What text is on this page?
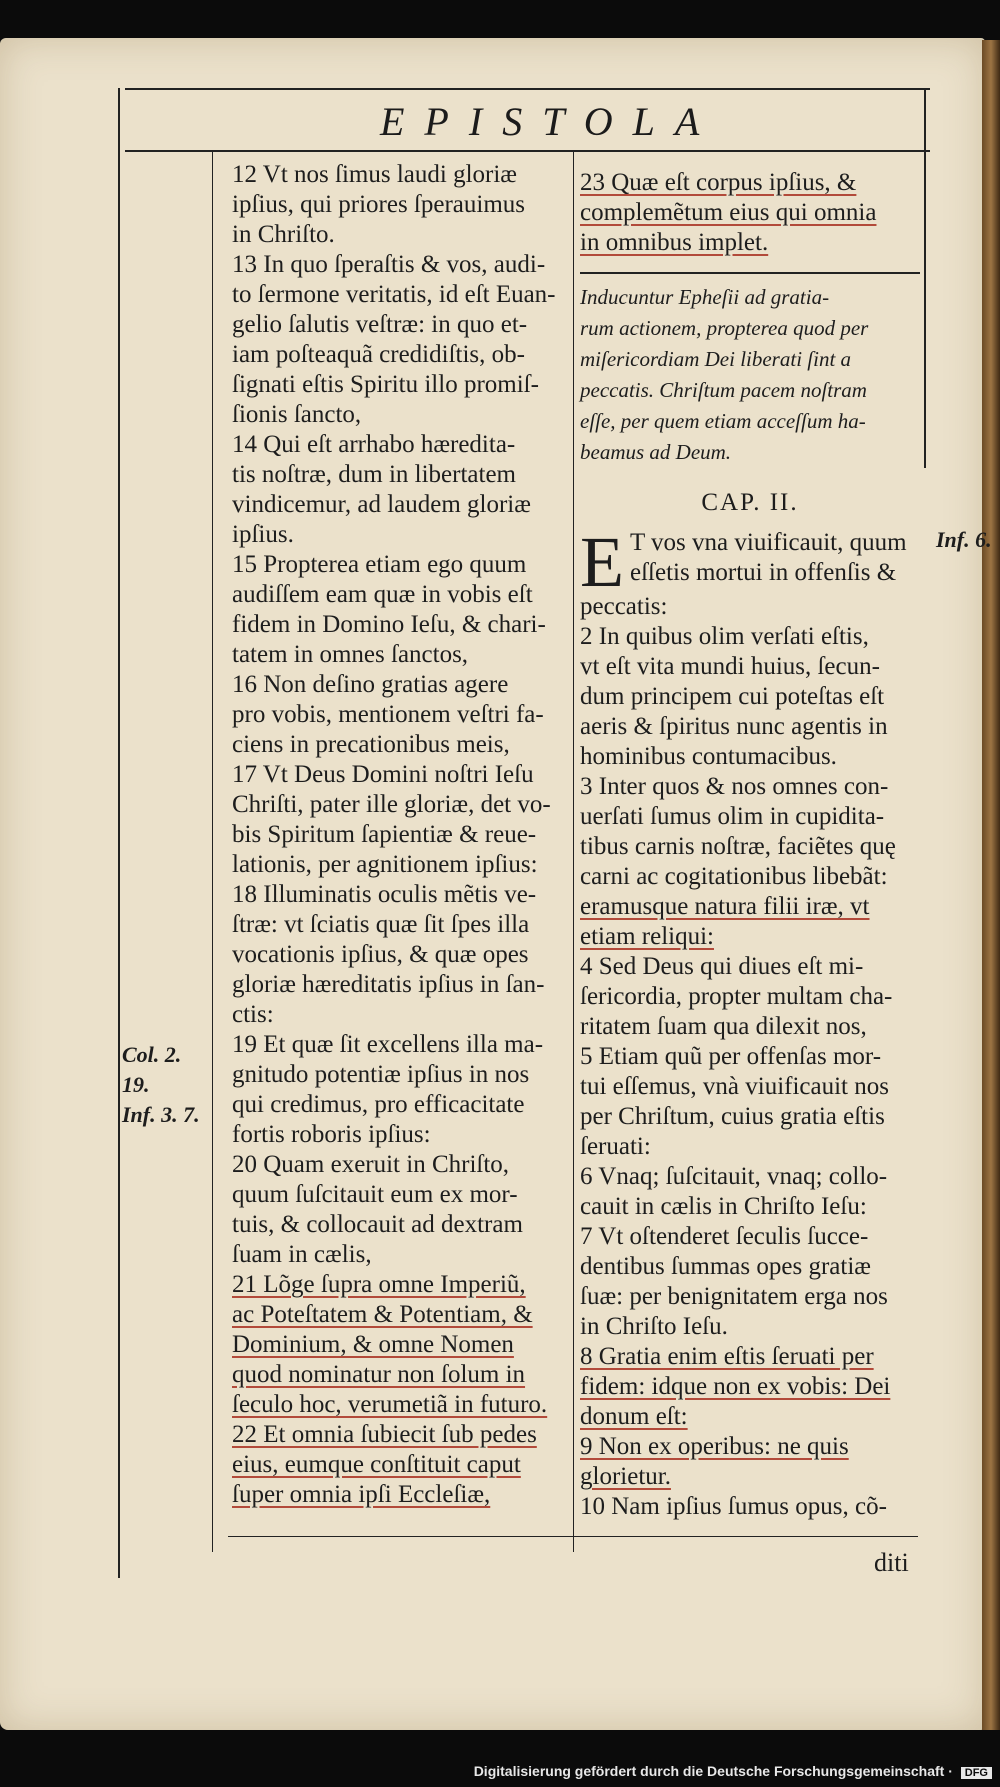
EPISTOLA
Col. 2.
19.
Inf. 3. 7.
Inf. 6.

12 Vt nos ſimus laudi gloriæ

ipſius, qui priores ſperauimus

in Chriſto.

13 In quo ſperaſtis & vos, audi-

to ſermone veritatis, id eſt Euan-

gelio ſalutis veſtræ: in quo et-

iam poſteaquã credidiſtis, ob-

ſignati eſtis Spiritu illo promiſ-

ſionis ſancto,

14 Qui eſt arrhabo hæredita-

tis noſtræ, dum in libertatem

vindicemur, ad laudem gloriæ

ipſius.

15 Propterea etiam ego quum

audiſſem eam quæ in vobis eſt

fidem in Domino Ieſu, & chari-

tatem in omnes ſanctos,

16 Non deſino gratias agere

pro vobis, mentionem veſtri fa-

ciens in precationibus meis,

17 Vt Deus Domini noſtri Ieſu

Chriſti, pater ille gloriæ, det vo-

bis Spiritum ſapientiæ & reue-

lationis, per agnitionem ipſius:

18 Illuminatis oculis mẽtis ve-

ſtræ: vt ſciatis quæ ſit ſpes illa

vocationis ipſius, & quæ opes

gloriæ hæreditatis ipſius in ſan-

ctis:

19 Et quæ ſit excellens illa ma-

gnitudo potentiæ ipſius in nos

qui credimus, pro efficacitate

fortis roboris ipſius:

20 Quam exeruit in Chriſto,

quum ſuſcitauit eum ex mor-

tuis, & collocauit ad dextram

ſuam in cælis,

21 Lõge ſupra omne Imperiũ,

ac Poteſtatem & Potentiam, &

Dominium, & omne Nomen

quod nominatur non ſolum in

ſeculo hoc, verumetiã in futuro.

22 Et omnia ſubiecit ſub pedes

eius, eumque conſtituit caput

ſuper omnia ipſi Eccleſiæ,

23 Quæ eſt corpus ipſius, &

complemẽtum eius qui omnia

in omnibus implet.

Inducuntur Epheſii ad gratia-

rum actionem, propterea quod per

miſericordiam Dei liberati ſint a

peccatis. Chriſtum pacem noſtram

eſſe, per quem etiam acceſſum ha-

beamus ad Deum.

CAP. II.
E T vos vna viuificauit, quum

eſſetis mortui in offenſis &

peccatis:

2 In quibus olim verſati eſtis,

vt eſt vita mundi huius, ſecun-

dum principem cui poteſtas eſt

aeris & ſpiritus nunc agentis in

hominibus contumacibus.

3 Inter quos & nos omnes con-

uerſati ſumus olim in cupidita-

tibus carnis noſtræ, faciẽtes quę

carni ac cogitationibus libebãt:

eramusque natura filii iræ, vt

etiam reliqui:

4 Sed Deus qui diues eſt mi-

ſericordia, propter multam cha-

ritatem ſuam qua dilexit nos,

5 Etiam quũ per offenſas mor-

tui eſſemus, vnà viuificauit nos

per Chriſtum, cuius gratia eſtis

ſeruati:

6 Vnaq; ſuſcitauit, vnaq; collo-

cauit in cælis in Chriſto Ieſu:

7 Vt oſtenderet ſeculis ſucce-

dentibus ſummas opes gratiæ

ſuæ: per benignitatem erga nos

in Chriſto Ieſu.

8 Gratia enim eſtis ſeruati per

fidem: idque non ex vobis: Dei

donum eſt:

9 Non ex operibus: ne quis

glorietur.

10 Nam ipſius ſumus opus, cõ-

diti
Digitalisierung gefördert durch die Deutsche Forschungsgemeinschaft · DFG
